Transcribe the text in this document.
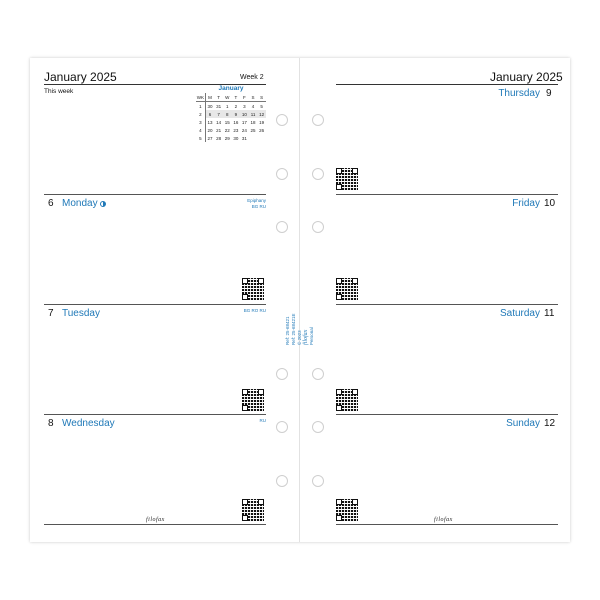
January 2025	Week 2
This week	January
WK	M	T	W	T	F	S	S
1	30	31	1	2	3	4	5
2	6	7	8	9	10	11	12
3	13	14	15	16	17	18	19
4	20	21	22	23	24	25	26
5	27	28	29	30	31		
6 Monday	Epiphany
BG RU
7 Tuesday	BG RO RU
8 Wednesday	RU
filofax
Ref: 25-68421 Ref: 25-68421E © 2023 filofax Personal
January 2025
Thursday 9
Friday 10
Saturday 11
Sunday 12
filofax
